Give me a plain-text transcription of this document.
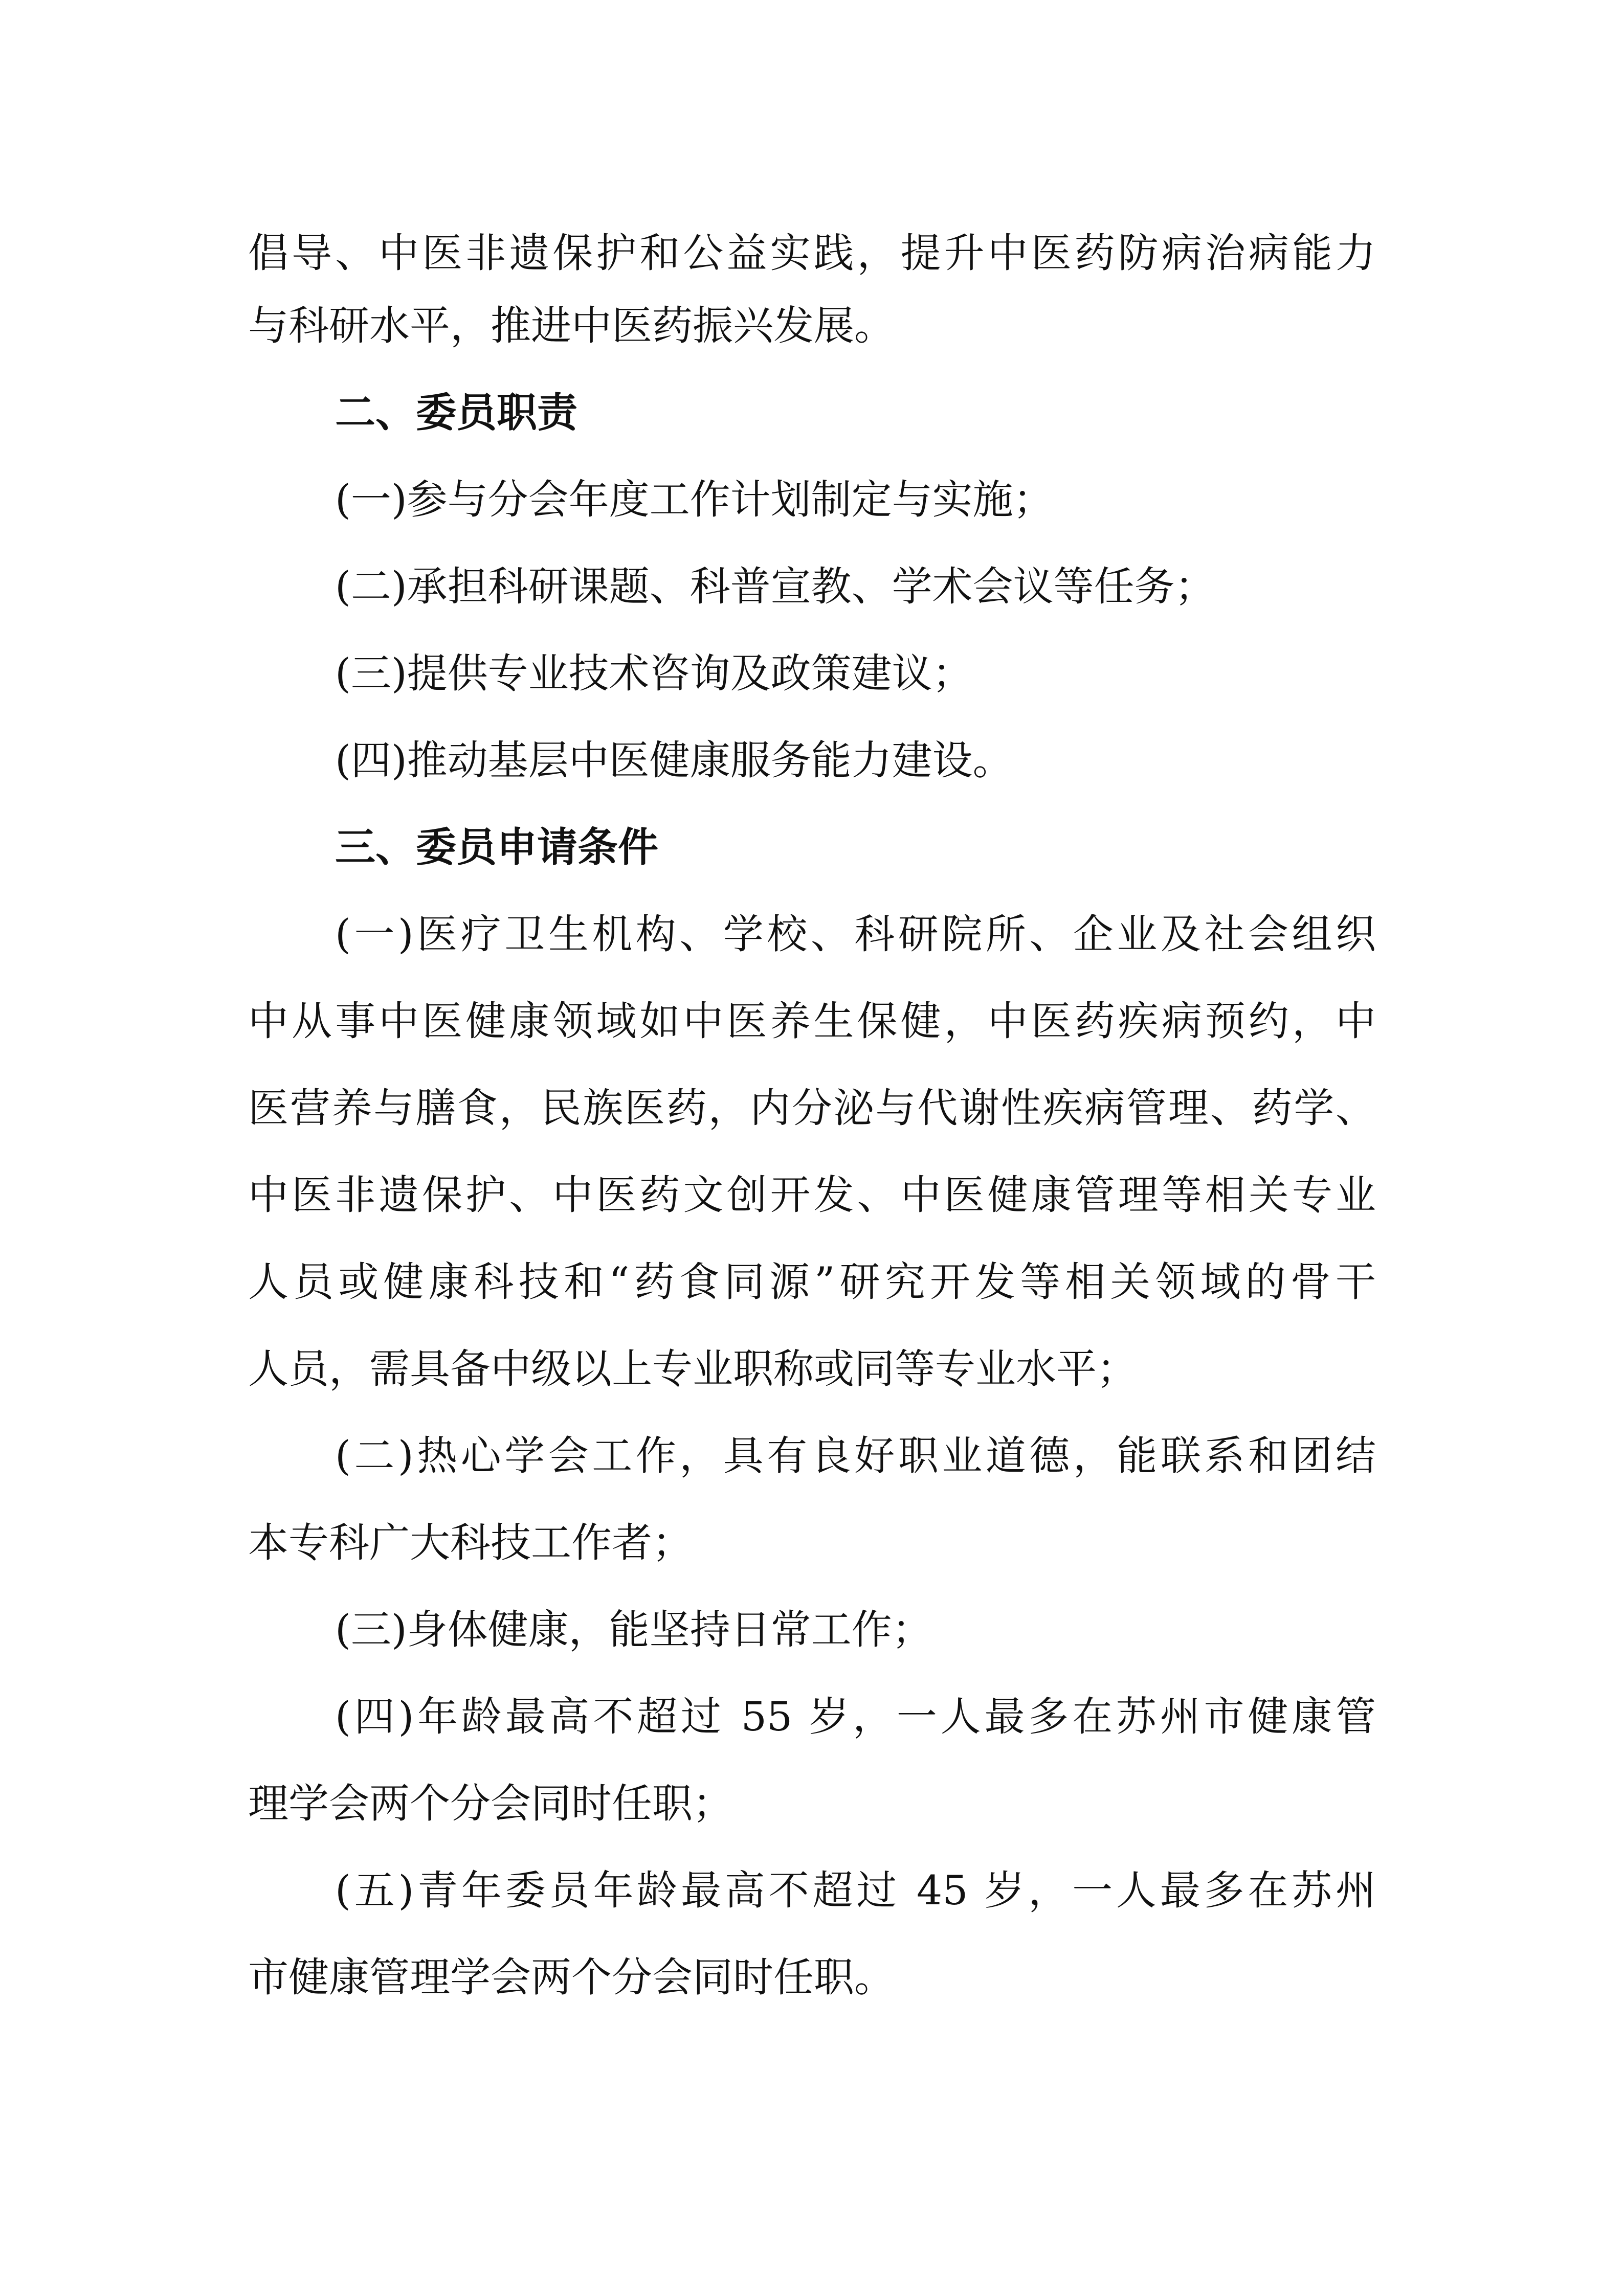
倡导、中医非遗保护和公益实践，提升中医药防病治病能力
与科研水平，推进中医药振兴发展。
二、委员职责
(一)参与分会年度工作计划制定与实施；
(二)承担科研课题、科普宣教、学术会议等任务；
(三)提供专业技术咨询及政策建议；
(四)推动基层中医健康服务能力建设。
三、委员申请条件
(一)医疗卫生机构、学校、科研院所、企业及社会组织
中从事中医健康领域如中医养生保健，中医药疾病预约，中
医营养与膳食，民族医药，内分泌与代谢性疾病管理、药学、
中医非遗保护、中医药文创开发、中医健康管理等相关专业
人员或健康科技和“药食同源”研究开发等相关领域的骨干
人员，需具备中级以上专业职称或同等专业水平；
(二)热心学会工作，具有良好职业道德，能联系和团结
本专科广大科技工作者；
(三)身体健康，能坚持日常工作；
(四)年龄最高不超过 55 岁，一人最多在苏州市健康管
理学会两个分会同时任职；
(五)青年委员年龄最高不超过 45 岁，一人最多在苏州
市健康管理学会两个分会同时任职。
